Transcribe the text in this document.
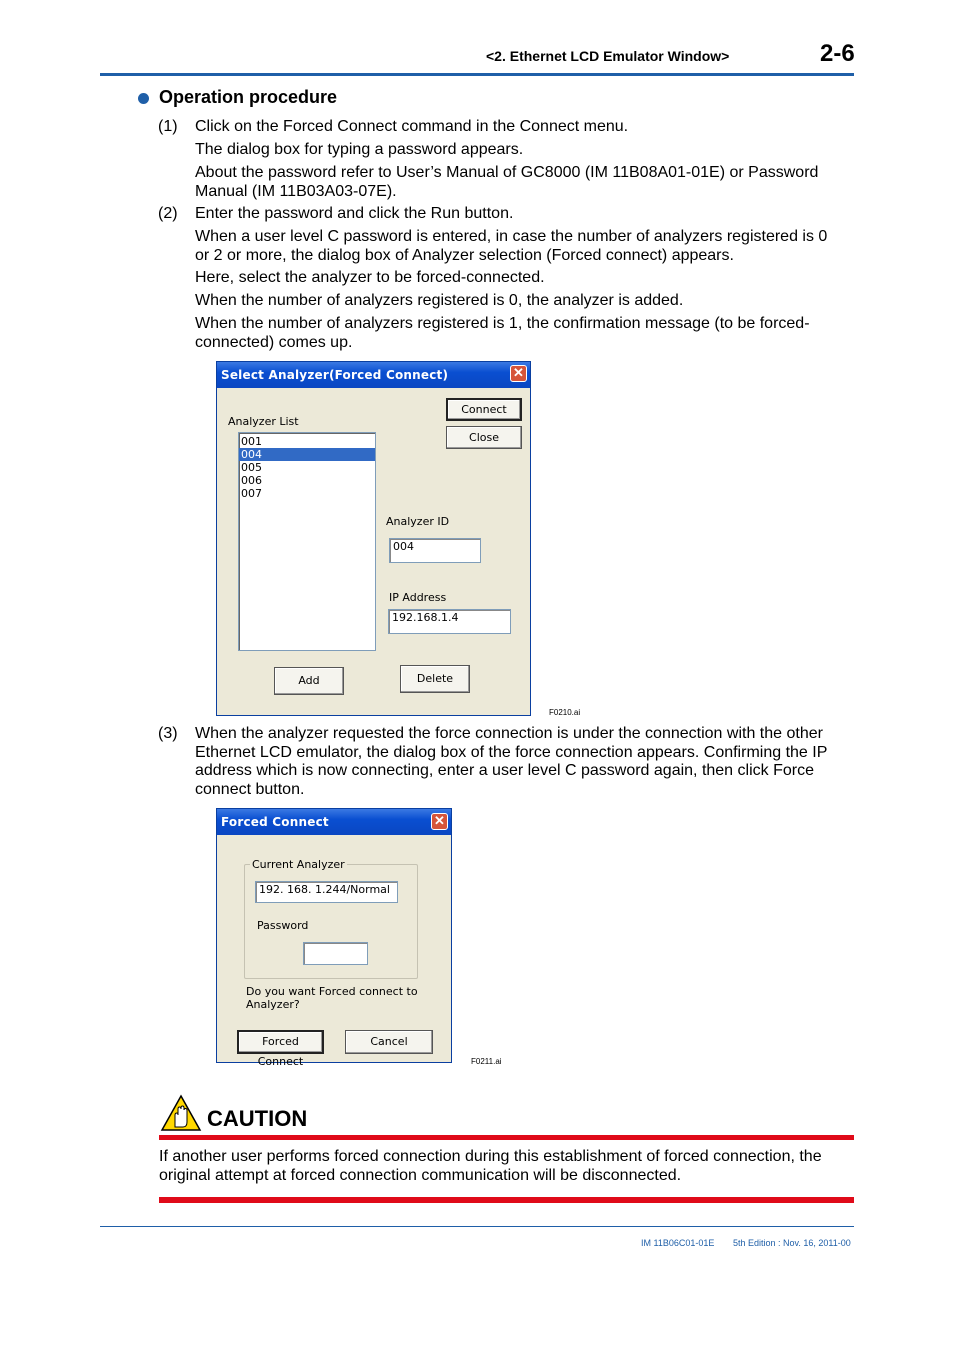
<2. Ethernet LCD Emulator Window>	2-6
Operation procedure
(1) Click on the Forced Connect command in the Connect menu.
The dialog box for typing a password appears.
About the password refer to User’s Manual of GC8000 (IM 11B08A01-01E) or Password Manual (IM 11B03A03-07E).
(2) Enter the password and click the Run button.
When a user level C password is entered, in case the number of analyzers registered is 0 or 2 or more, the dialog box of Analyzer selection (Forced connect) appears.
Here, select the analyzer to be forced-connected.
When the number of analyzers registered is 0, the analyzer is added.
When the number of analyzers registered is 1, the confirmation message (to be forced-connected) comes up.
Select Analyzer(Forced Connect)	✕
Connect
Close
Analyzer List
001
004
005
006
007
Analyzer ID
004
IP Address
192.168.1.4
Add	Delete
F0210.ai
(3) When the analyzer requested the force connection is under the connection with the other Ethernet LCD emulator, the dialog box of the force connection appears. Confirming the IP address which is now connecting, enter a user level C password again, then click Force connect button.
Forced Connect	✕
Current Analyzer
192. 168. 1.244/Normal
Password
Do you want Forced connect to
Analyzer?
Forced Connect
Cancel
F0211.ai
CAUTION
If another user performs forced connection during this establishment of forced connection, the original attempt at forced connection communication will be disconnected.
IM 11B06C01-01E 5th Edition : Nov. 16, 2011-00
